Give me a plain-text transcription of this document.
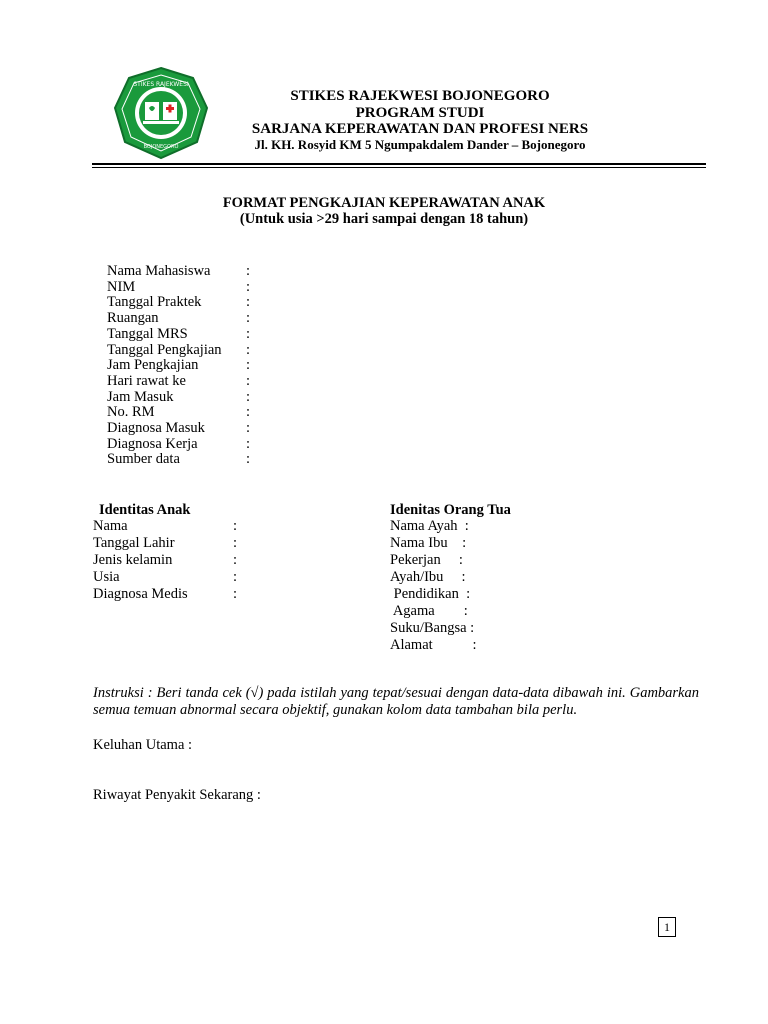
STIKES RAJEKWESI
BOJONEGORO
STIKES RAJEKWESI BOJONEGORO
PROGRAM STUDI
SARJANA KEPERAWATAN DAN PROFESI NERS
Jl. KH. Rosyid KM 5 Ngumpakdalem Dander – Bojonegoro
FORMAT PENGKAJIAN KEPERAWATAN ANAK
(Untuk usia >29 hari sampai dengan 18 tahun)
Nama Mahasiswa :
NIM	:
Tanggal Praktek	:
Ruangan	:
Tanggal MRS	:
Tanggal Pengkajian :
Jam Pengkajian	:
Hari rawat ke	:
Jam Masuk	:
No. RM	:
Diagnosa Masuk	:
Diagnosa Kerja	:
Sumber data	:
Identitas Anak
Nama	:
Tanggal Lahir	:
Jenis kelamin	:
Usia	:
Diagnosa Medis	:
Idenitas Orang Tua
Nama Ayah  :
Nama Ibu    :
Pekerjan     :
Ayah/Ibu     :
Pendidikan  :
Agama        :
Suku/Bangsa :
Alamat           :
Instruksi : Beri tanda cek (√) pada istilah yang tepat/sesuai dengan data-data dibawah ini. Gambarkan semua temuan abnormal secara objektif, gunakan kolom data tambahan bila perlu.
Keluhan Utama :
Riwayat Penyakit Sekarang :
1
